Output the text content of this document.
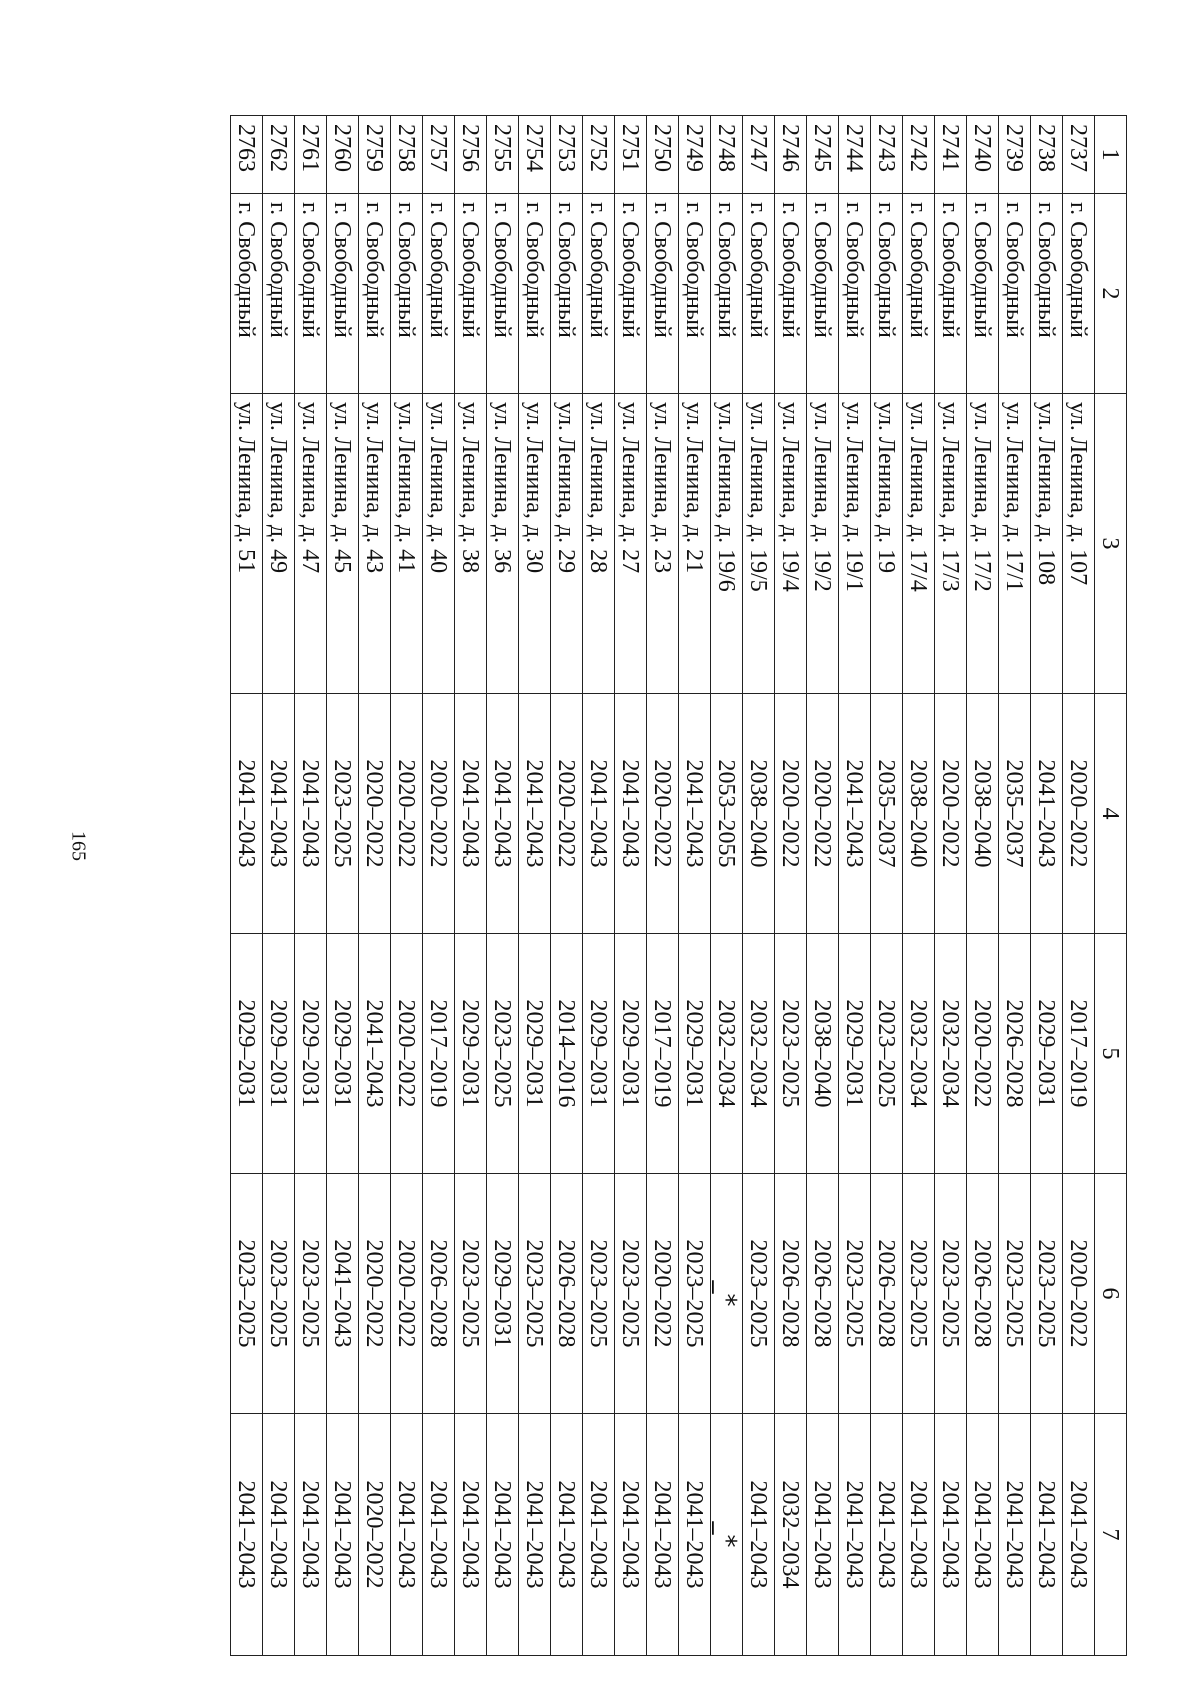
165
1	2	3	4	5	6	7
2737	г. Свободный	ул. Ленина, д. 107	2020–2022	2017–2019	2020–2022	2041–2043
2738	г. Свободный	ул. Ленина, д. 108	2041–2043	2029–2031	2023–2025	2041–2043
2739	г. Свободный	ул. Ленина, д. 17/1	2035–2037	2026–2028	2023–2025	2041–2043
2740	г. Свободный	ул. Ленина, д. 17/2	2038–2040	2020–2022	2026–2028	2041–2043
2741	г. Свободный	ул. Ленина, д. 17/3	2020–2022	2032–2034	2023–2025	2041–2043
2742	г. Свободный	ул. Ленина, д. 17/4	2038–2040	2032–2034	2023–2025	2041–2043
2743	г. Свободный	ул. Ленина, д. 19	2035–2037	2023–2025	2026–2028	2041–2043
2744	г. Свободный	ул. Ленина, д. 19/1	2041–2043	2029–2031	2023–2025	2041–2043
2745	г. Свободный	ул. Ленина, д. 19/2	2020–2022	2038–2040	2026–2028	2041–2043
2746	г. Свободный	ул. Ленина, д. 19/4	2020–2022	2023–2025	2026–2028	2032–2034
2747	г. Свободный	ул. Ленина, д. 19/5	2038–2040	2032–2034	2023–2025	2041–2043
2748	г. Свободный	ул. Ленина, д. 19/6	2053–2055	2032–2034	_*	_*
2749	г. Свободный	ул. Ленина, д. 21	2041–2043	2029–2031	2023–2025	2041–2043
2750	г. Свободный	ул. Ленина, д. 23	2020–2022	2017–2019	2020–2022	2041–2043
2751	г. Свободный	ул. Ленина, д. 27	2041–2043	2029–2031	2023–2025	2041–2043
2752	г. Свободный	ул. Ленина, д. 28	2041–2043	2029–2031	2023–2025	2041–2043
2753	г. Свободный	ул. Ленина, д. 29	2020–2022	2014–2016	2026–2028	2041–2043
2754	г. Свободный	ул. Ленина, д. 30	2041–2043	2029–2031	2023–2025	2041–2043
2755	г. Свободный	ул. Ленина, д. 36	2041–2043	2023–2025	2029–2031	2041–2043
2756	г. Свободный	ул. Ленина, д. 38	2041–2043	2029–2031	2023–2025	2041–2043
2757	г. Свободный	ул. Ленина, д. 40	2020–2022	2017–2019	2026–2028	2041–2043
2758	г. Свободный	ул. Ленина, д. 41	2020–2022	2020–2022	2020–2022	2041–2043
2759	г. Свободный	ул. Ленина, д. 43	2020–2022	2041–2043	2020–2022	2020–2022
2760	г. Свободный	ул. Ленина, д. 45	2023–2025	2029–2031	2041–2043	2041–2043
2761	г. Свободный	ул. Ленина, д. 47	2041–2043	2029–2031	2023–2025	2041–2043
2762	г. Свободный	ул. Ленина, д. 49	2041–2043	2029–2031	2023–2025	2041–2043
2763	г. Свободный	ул. Ленина, д. 51	2041–2043	2029–2031	2023–2025	2041–2043
